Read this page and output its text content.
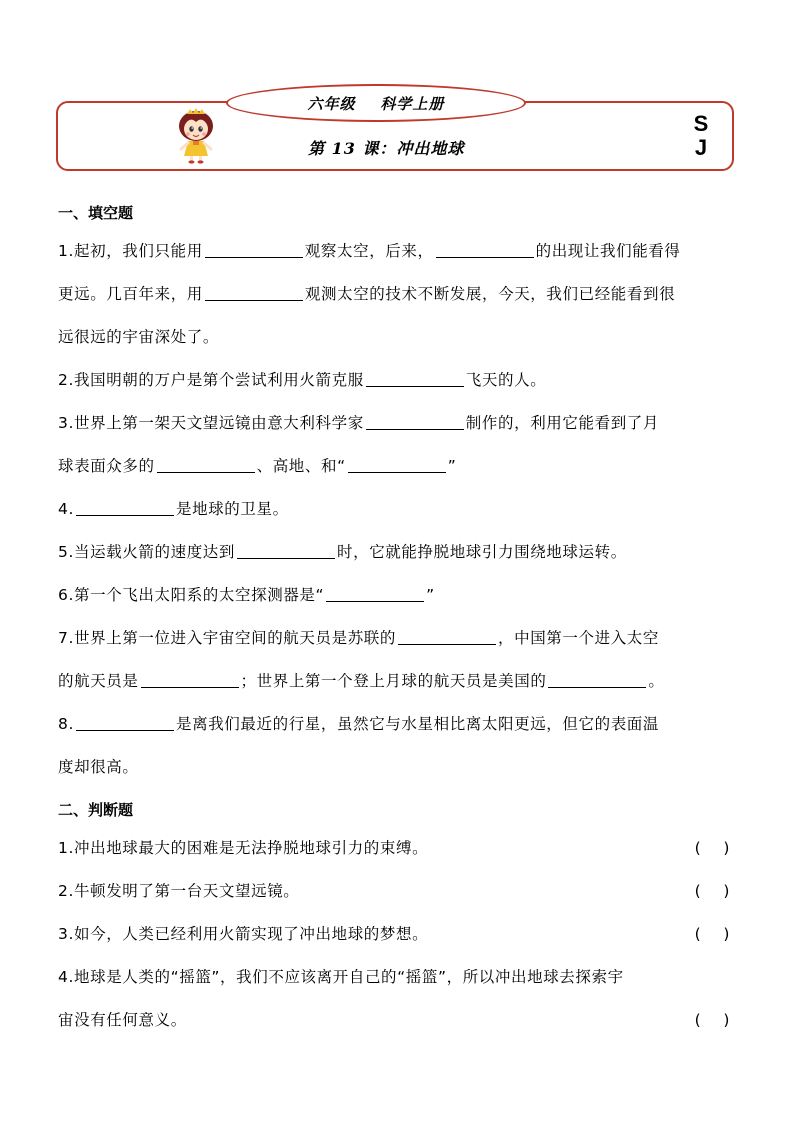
六年级    科学上册
第 13 课：冲出地球
S
J
一、填空题
1.起初，我们只能用	观察太空，后来，	的出现让我们能看得
更远。几百年来，用	观测太空的技术不断发展，今天，我们已经能看到很
远很远的宇宙深处了。
2.我国明朝的万户是第个尝试利用火箭克服	飞天的人。
3.世界上第一架天文望远镜由意大利科学家	制作的，利用它能看到了月
球表面众多的	、高地、和“	”
4.	是地球的卫星。
5.当运载火箭的速度达到	时，它就能挣脱地球引力围绕地球运转。
6.第一个飞出太阳系的太空探测器是“	”
7.世界上第一位进入宇宙空间的航天员是苏联的	，中国第一个进入太空
的航天员是	；世界上第一个登上月球的航天员是美国的	。
8.	是离我们最近的行星，虽然它与水星相比离太阳更远，但它的表面温
度却很高。
二、判断题
1.冲出地球最大的困难是无法挣脱地球引力的束缚。	(    )
2.牛顿发明了第一台天文望远镜。	(    )
3.如今，人类已经利用火箭实现了冲出地球的梦想。	(    )
4.地球是人类的“摇篮”，我们不应该离开自己的“摇篮”，所以冲出地球去探索宇
宙没有任何意义。	(    )
